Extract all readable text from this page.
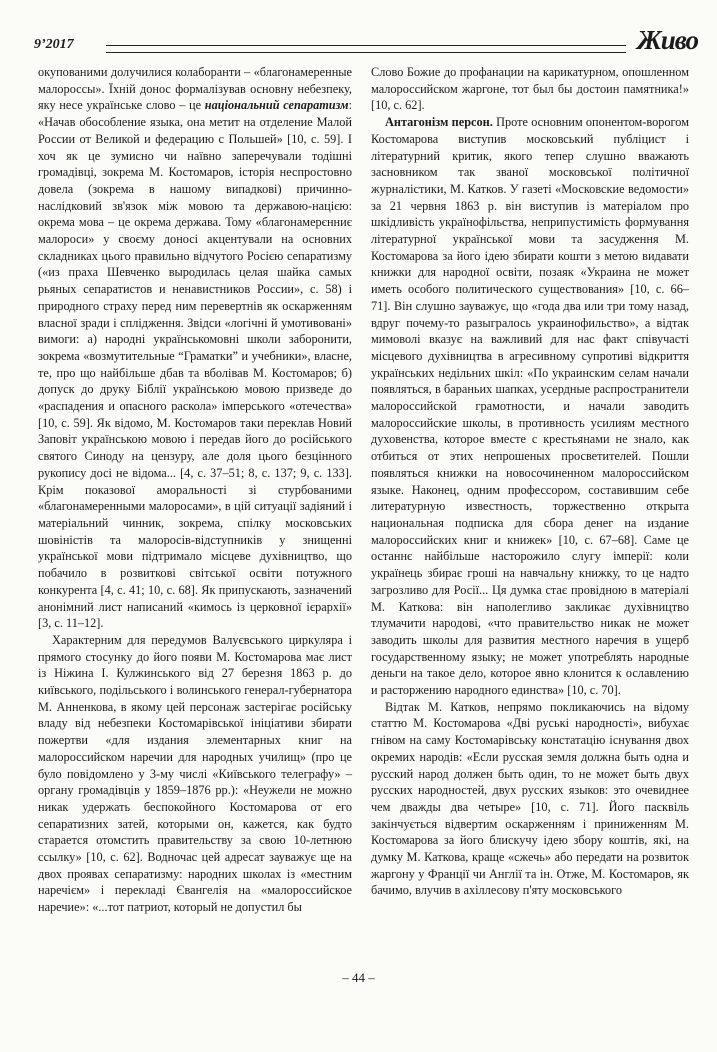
9’2017	Живо

окупованими долучилися колаборанти – «благонамеренные малороссы». Їхній донос формалізував основну небезпеку, яку несе українське слово – це національний сепаратизм: «Начав обособление языка, она метит на отделение Малой России от Великой и федерацию с Польшей» [10, с. 59]. І хоч як це зумисно чи наївно заперечували тодішні громадівці, зокрема М. Костомаров, історія неспростовно довела (зокрема в нашому випадкові) причинно-наслідковий зв'язок між мовою та державою-нацією: окрема мова – це окрема держава. Тому «благонамерєнниє малороси» у своєму доносі акцентували на основних складниках цього правильно відчутого Росією сепаратизму («из праха Шевченко выродилась целая шайка самых рьяных сепаратистов и ненавистников России», с. 58) і природного страху перед ним перевертнів як оскарженням власної зради і сплідження. Звідси «логічні й умотивовані» вимоги: а) народні українськомовні школи заборонити, зокрема «возмутительные “Граматки” и учебники», власне, те, про що найбільше дбав та вболівав М. Костомаров; б) допуск до друку Біблії українською мовою призведе до «распадения и опасного раскола» імперського «отечества» [10, с. 59]. Як відомо, М. Костомаров таки переклав Новий Заповіт українською мовою і передав його до російського святого Синоду на цензуру, але доля цього безцінного рукопису досі не відома... [4, с. 37–51; 8, с. 137; 9, с. 133]. Крім показової аморальності зі стурбованими «благонамеренными малоросами», в цій ситуації задіяний і матеріальний чинник, зокрема, спілку московських шовіністів та малоросів-відступників у знищенні української мови підтримало місцеве духівництво, що побачило в розвитковi світської освіти потужного конкурента [4, с. 41; 10, с. 68]. Як припускають, зазначений анонімний лист написаний «кимось із церковної ієрархії» [3, с. 11–12].

Характерним для передумов Валуєвського циркуляра і прямого стосунку до його появи М. Костомарова має лист із Ніжина І. Кулжинського від 27 березня 1863 р. до київського, подільського і волинського генерал-губернатора М. Анненкова, в якому цей персонаж застерігає російську владу від небезпеки Костомарівської ініціативи збирати пожертви «для издания элементарных книг на малороссийском наречии для народных училищ» (про це було повідомлено у 3-му числі «Київського телеграфу» – органу громадівців у 1859–1876 рр.): «Неужели не можно никак удержать беспокойного Костомарова от его сепаратизних затей, которыми он, кажется, как будто старается отомстить правительству за свою 10-летнюю ссылку» [10, с. 62]. Водночас цей адресат зауважує ще на двох проявах сепаратизму: народних школах із «местним наречієм» і перекладі Євангелія на «малороссийское наречие»: «...тот патриот, который не допустил бы

Слово Божие до профанации на карикатурном, опошленном малороссийском жаргоне, тот был бы достоин памятника!» [10, с. 62].

Антагонізм персон. Проте основним опонентом-ворогом Костомарова виступив московський публіцист і літературний критик, якого тепер слушно вважають засновником так званої московської політичної журналістики, М. Катков. У газеті «Московские ведомости» за 21 червня 1863 р. він виступив із матеріалом про шкідливість українофільства, неприпустимість формування літературної української мови та засудження М. Костомарова за його ідею збирати кошти з метою видавати книжки для народної освіти, позаяк «Украина не может иметь особого политического существования» [10, с. 66–71]. Він слушно зауважує, що «года два или три тому назад, вдруг почему-то разыгралось украинофильство», а відтак мимоволі вказує на важливий для нас факт співучасті місцевого духівництва в агресивному супротиві відкриття українських недільних шкіл: «По украинским селам начали появляться, в бараньих шапках, усердные распространители малороссийской грамотности, и начали заводить малороссийские школы, в противность усилиям местного духовенства, которое вместе с крестьянами не знало, как отбиться от этих непрошеных просветителей. Пошли появляться книжки на новосочиненном малороссийском языке. Наконец, одним профессором, составившим себе литературную известность, торжественно открыта национальная подписка для сбора денег на издание малороссийских книг и книжек» [10, с. 67–68]. Саме це останнє найбільше насторожило слугу імперії: коли українець збирає гроші на навчальну книжку, то це надто загрозливо для Росії... Ця думка стає провідною в матеріалі М. Каткова: він наполегливо закликає духівництво тлумачити народові, «что правительство никак не может заводить школы для развития местного наречия в ущерб государственному языку; не может употреблять народные деньги на такое дело, которое явно клонится к ославлению и расторжению народного единства» [10, с. 70].

Відтак М. Катков, непрямо покликаючись на відому статтю М. Костомарова «Дві руські народності», вибухає гнівом на саму Костомарівську констатацію існування двох окремих народів: «Если русская земля должна быть одна и русский народ должен быть один, то не может быть двух русских народностей, двух русских языков: это очевиднее чем дважды два четыре» [10, с. 71]. Його пасквіль закінчується відвертим оскарженням і приниженням М. Костомарова за його блискучу ідею збору коштів, які, на думку М. Каткова, краще «сжечь» або передати на розвиток жаргону у Франції чи Англії та ін. Отже, М. Костомаров, як бачимо, влучив в ахіллесову п'яту московського

– 44 –
